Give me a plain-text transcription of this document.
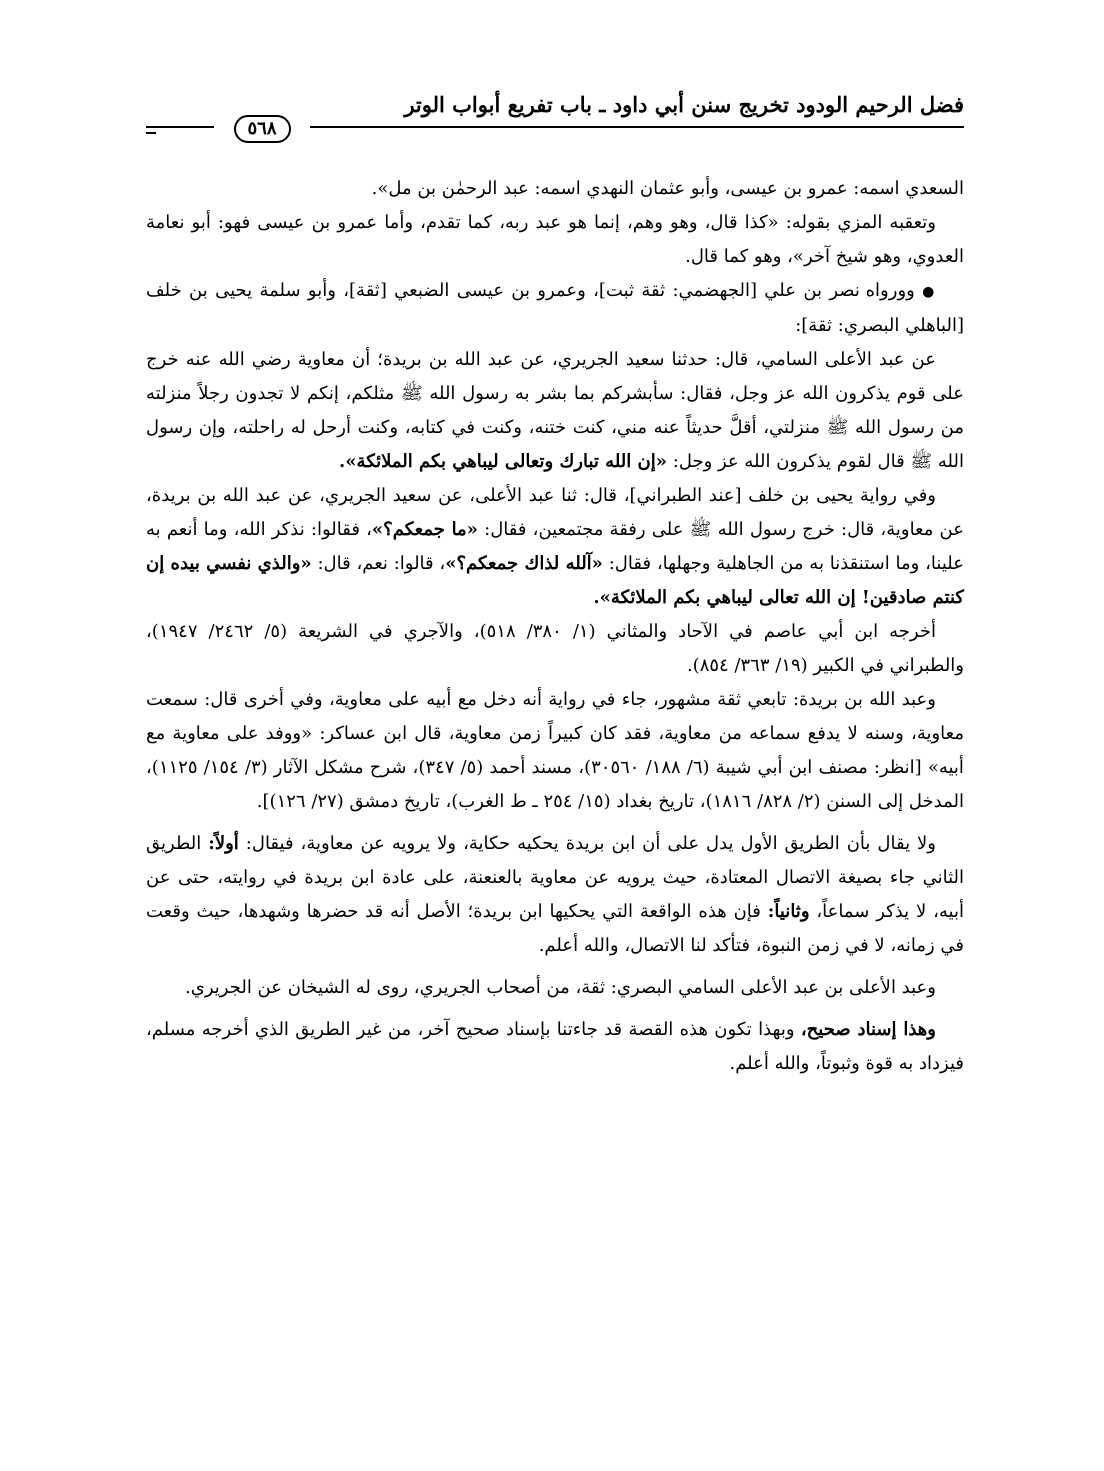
فضل الرحيم الودود تخريج سنن أبي داود ـ باب تفريع أبواب الوتر
٥٦٨

السعدي اسمه: عمرو بن عيسى، وأبو عثمان النهدي اسمه: عبد الرحمٰن بن مل».

وتعقبه المزي بقوله: «كذا قال، وهو وهم، إنما هو عبد ربه، كما تقدم، وأما عمرو بن عيسى فهو: أبو نعامة العدوي، وهو شيخ آخر»، وهو كما قال.

● وورواه نصر بن علي [الجهضمي: ثقة ثبت]، وعمرو بن عيسى الضبعي [ثقة]، وأبو سلمة يحيى بن خلف [الباهلي البصري: ثقة]:

عن عبد الأعلى السامي، قال: حدثنا سعيد الجريري، عن عبد الله بن بريدة؛ أن معاوية رضي الله عنه خرج على قوم يذكرون الله عز وجل، فقال: سأبشركم بما بشر به رسول الله ﷺ مثلكم، إنكم لا تجدون رجلاً منزلته من رسول الله ﷺ منزلتي، أقلَّ حديثاً عنه مني، كنت ختنه، وكنت في كتابه، وكنت أرحل له راحلته، وإن رسول الله ﷺ قال لقوم يذكرون الله عز وجل: «إن الله تبارك وتعالى ليباهي بكم الملائكة».

وفي رواية يحيى بن خلف [عند الطبراني]، قال: ثنا عبد الأعلى، عن سعيد الجريري، عن عبد الله بن بريدة، عن معاوية، قال: خرج رسول الله ﷺ على رفقة مجتمعين، فقال: «ما جمعكم؟»، فقالوا: نذكر الله، وما أنعم به علينا، وما استنقذنا به من الجاهلية وجهلها، فقال: «آلله لذاك جمعكم؟»، قالوا: نعم، قال: «والذي نفسي بيده إن كنتم صادقين! إن الله تعالى ليباهي بكم الملائكة».

أخرجه ابن أبي عاصم في الآحاد والمثاني (١/ ٣٨٠/ ٥١٨)، والآجري في الشريعة (٥/ ٢٤٦٢/ ١٩٤٧)، والطبراني في الكبير (١٩/ ٣٦٣/ ٨٥٤).

وعبد الله بن بريدة: تابعي ثقة مشهور، جاء في رواية أنه دخل مع أبيه على معاوية، وفي أخرى قال: سمعت معاوية، وسنه لا يدفع سماعه من معاوية، فقد كان كبيراً زمن معاوية، قال ابن عساكر: «ووفد على معاوية مع أبيه» [انظر: مصنف ابن أبي شيبة (٦/ ١٨٨/ ٣٠٥٦٠)، مسند أحمد (٥/ ٣٤٧)، شرح مشكل الآثار (٣/ ١٥٤/ ١١٢٥)، المدخل إلى السنن (٢/ ٨٢٨/ ١٨١٦)، تاريخ بغداد (١٥/ ٢٥٤ ـ ط الغرب)، تاريخ دمشق (٢٧/ ١٢٦)].

ولا يقال بأن الطريق الأول يدل على أن ابن بريدة يحكيه حكاية، ولا يرويه عن معاوية، فيقال: أولاً: الطريق الثاني جاء بصيغة الاتصال المعتادة، حيث يرويه عن معاوية بالعنعنة، على عادة ابن بريدة في روايته، حتى عن أبيه، لا يذكر سماعاً، وثانياً: فإن هذه الواقعة التي يحكيها ابن بريدة؛ الأصل أنه قد حضرها وشهدها، حيث وقعت في زمانه، لا في زمن النبوة، فتأكد لنا الاتصال، والله أعلم.

وعبد الأعلى بن عبد الأعلى السامي البصري: ثقة، من أصحاب الجريري، روى له الشيخان عن الجريري.

وهذا إسناد صحيح، وبهذا تكون هذه القصة قد جاءتنا بإسناد صحيح آخر، من غير الطريق الذي أخرجه مسلم، فيزداد به قوة وثبوتاً، والله أعلم.
